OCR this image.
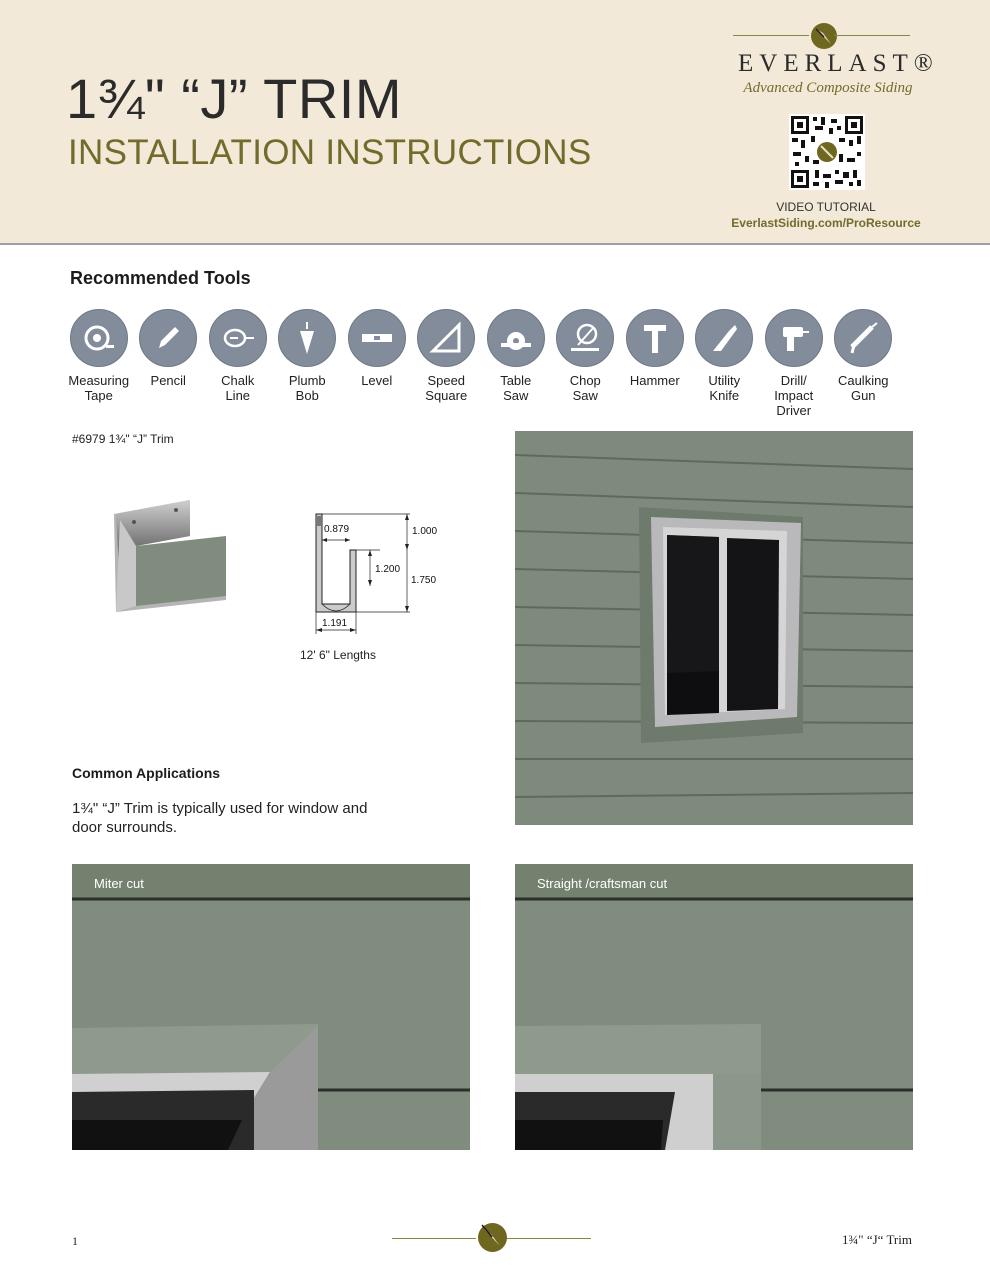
1¾" “J” TRIM
INSTALLATION INSTRUCTIONS
EVERLAST®
Advanced Composite Siding
VIDEO TUTORIAL
EverlastSiding.com/ProResource
Recommended Tools
Measuring
Tape
Pencil	Chalk
Line
Plumb
Bob
Level	Speed
Square
Table
Saw
Chop
Saw
Hammer Utility
Knife
Drill/
Impact Driver
Caulking
Gun
#6979 1¾" “J” Trim
0.879	1.000
1.200
1.750
1.191
12' 6" Lengths
Common Applications
1¾" “J” Trim is typically used for window and door surrounds.
Miter cut	Straight /craftsman cut
1	1¾" “J“ Trim
